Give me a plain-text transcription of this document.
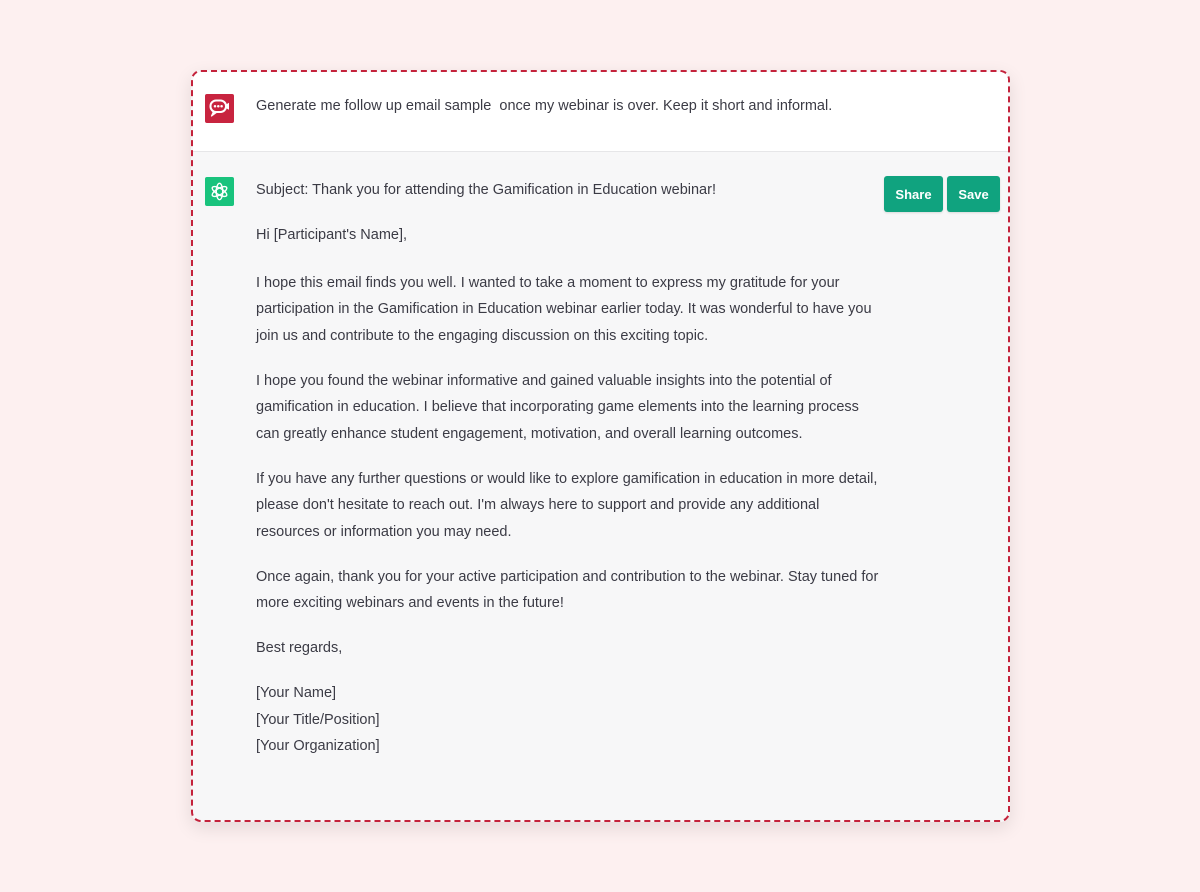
Generate me follow up email sample  once my webinar is over. Keep it short and informal.

Subject: Thank you for attending the Gamification in Education webinar!

Hi [Participant's Name],

I hope this email finds you well. I wanted to take a moment to express my gratitude for your participation in the Gamification in Education webinar earlier today. It was wonderful to have you join us and contribute to the engaging discussion on this exciting topic.

I hope you found the webinar informative and gained valuable insights into the potential of gamification in education. I believe that incorporating game elements into the learning process can greatly enhance student engagement, motivation, and overall learning outcomes.

If you have any further questions or would like to explore gamification in education in more detail, please don't hesitate to reach out. I'm always here to support and provide any additional resources or information you may need.

Once again, thank you for your active participation and contribution to the webinar. Stay tuned for more exciting webinars and events in the future!

Best regards,

[Your Name]

[Your Title/Position]

[Your Organization]

Share	Save
